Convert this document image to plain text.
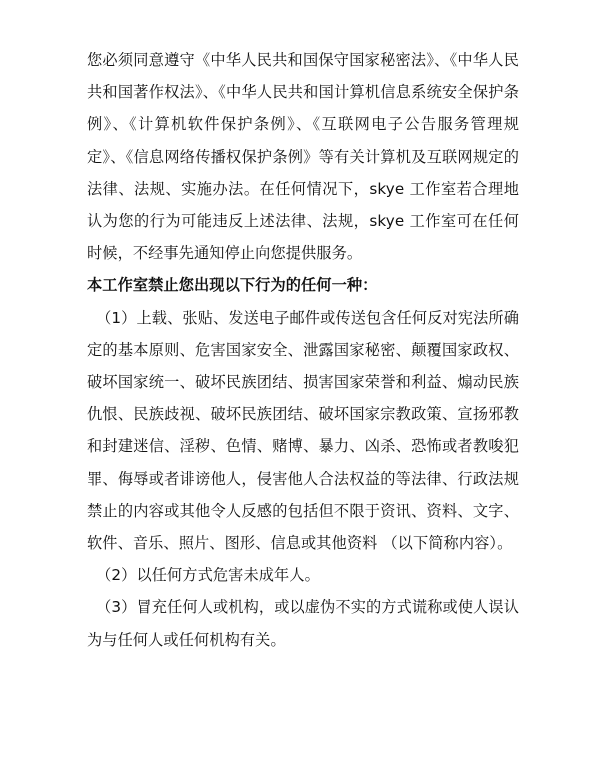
您必须同意遵守《中华人民共和国保守国家秘密法》、《中华人民共和国著作权法》、《中华人民共和国计算机信息系统安全保护条例》、《计算机软件保护条例》、《互联网电子公告服务管理规定》、《信息网络传播权保护条例》等有关计算机及互联网规定的法律、法规、实施办法。在任何情况下，skye 工作室若合理地认为您的行为可能违反上述法律、法规，skye 工作室可在任何时候，不经事先通知停止向您提供服务。

本工作室禁止您出现以下行为的任何一种：

（1）上载、张贴、发送电子邮件或传送包含任何反对宪法所确定的基本原则、危害国家安全、泄露国家秘密、颠覆国家政权、破坏国家统一、破坏民族团结、损害国家荣誉和利益、煽动民族仇恨、民族歧视、破坏民族团结、破坏国家宗教政策、宣扬邪教和封建迷信、淫秽、色情、赌博、暴力、凶杀、恐怖或者教唆犯罪、侮辱或者诽谤他人，侵害他人合法权益的等法律、行政法规禁止的内容或其他令人反感的包括但不限于资讯、资料、文字、软件、音乐、照片、图形、信息或其他资料 （以下简称内容）。

（2）以任何方式危害未成年人。

（3）冒充任何人或机构，或以虚伪不实的方式谎称或使人误认为与任何人或任何机构有关。
